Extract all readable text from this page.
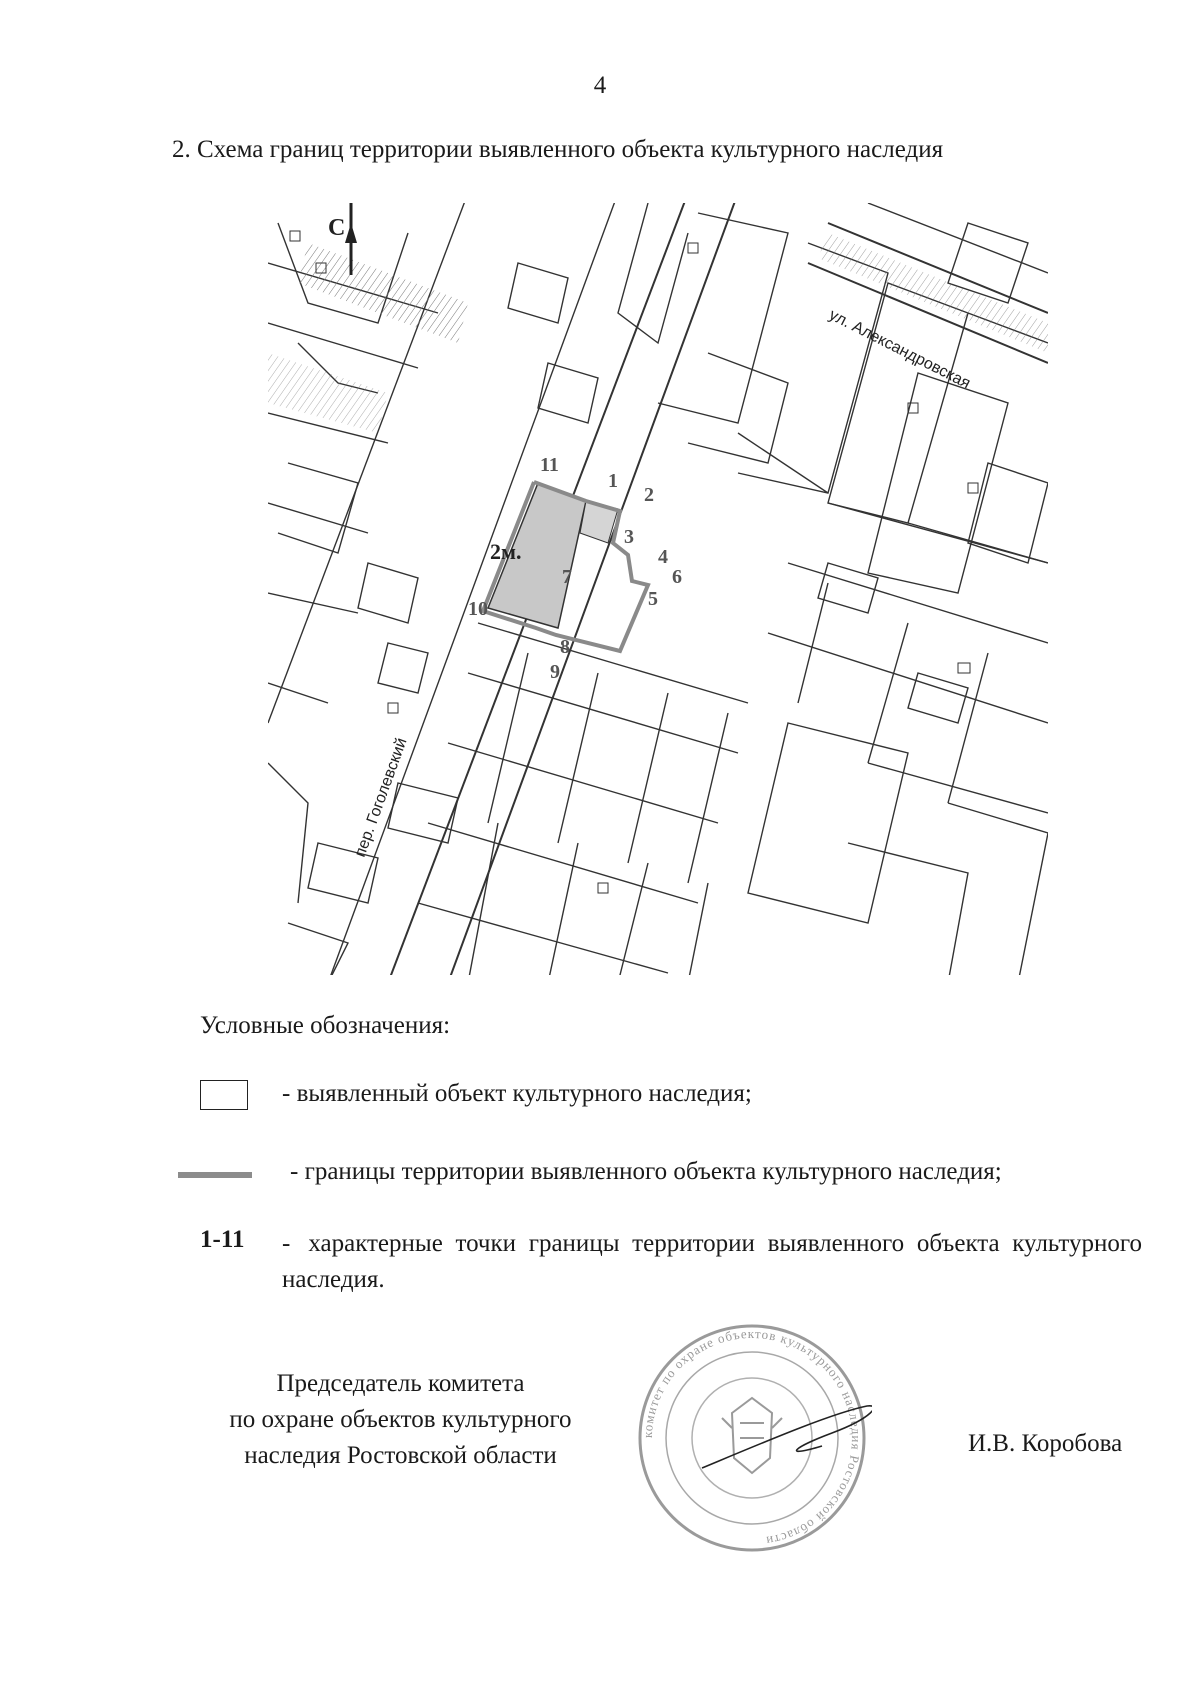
4
2. Схема границ территории выявленного объекта культурного наследия
С
ул. Александровская
пер. Гоголевский
2м.
1
2
3
4
5
6
7
8
9
10
11
Условные обозначения:
- выявленный объект культурного наследия;
- границы территории выявленного объекта культурного наследия;
1-11 - характерные точки границы территории выявленного объекта культурного наследия.
Председатель комитета
по охране объектов культурного
наследия Ростовской области
комитет по охране объектов культурного наследия Ростовской области
И.В. Коробова
